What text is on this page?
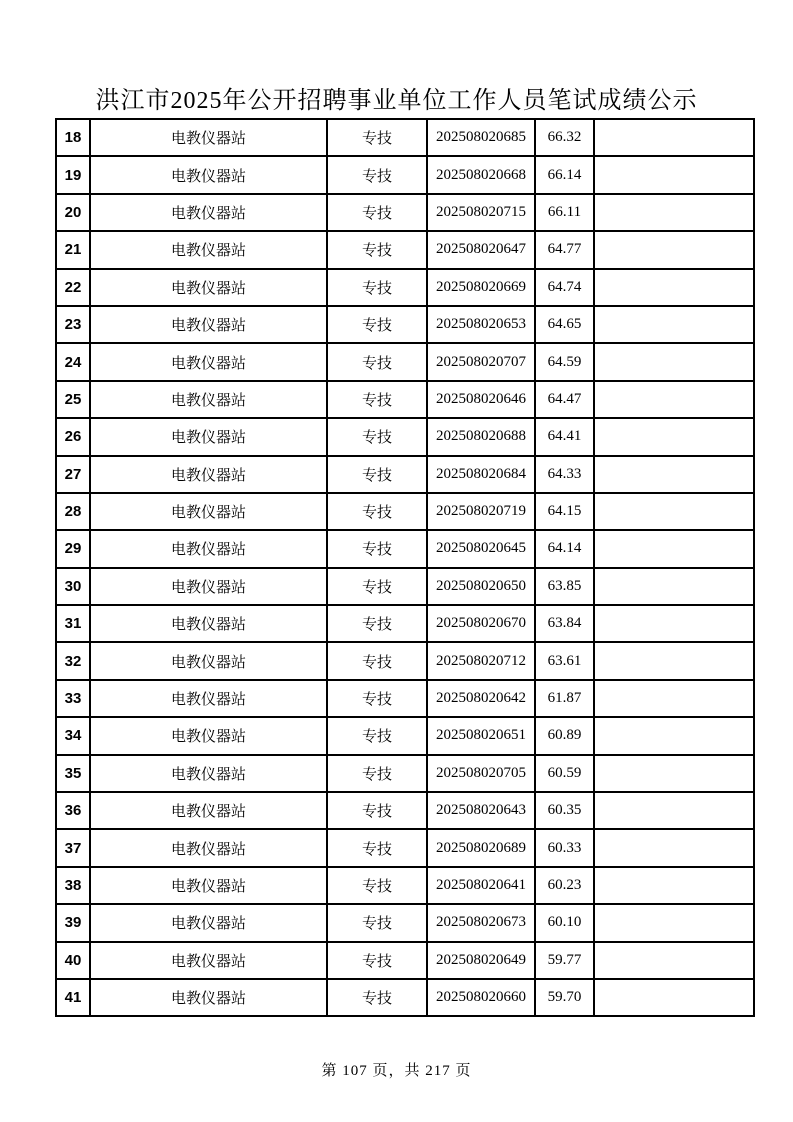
洪江市2025年公开招聘事业单位工作人员笔试成绩公示
18	电教仪器站	专技	202508020685	66.32	
19	电教仪器站	专技	202508020668	66.14	
20	电教仪器站	专技	202508020715	66.11	
21	电教仪器站	专技	202508020647	64.77	
22	电教仪器站	专技	202508020669	64.74	
23	电教仪器站	专技	202508020653	64.65	
24	电教仪器站	专技	202508020707	64.59	
25	电教仪器站	专技	202508020646	64.47	
26	电教仪器站	专技	202508020688	64.41	
27	电教仪器站	专技	202508020684	64.33	
28	电教仪器站	专技	202508020719	64.15	
29	电教仪器站	专技	202508020645	64.14	
30	电教仪器站	专技	202508020650	63.85	
31	电教仪器站	专技	202508020670	63.84	
32	电教仪器站	专技	202508020712	63.61	
33	电教仪器站	专技	202508020642	61.87	
34	电教仪器站	专技	202508020651	60.89	
35	电教仪器站	专技	202508020705	60.59	
36	电教仪器站	专技	202508020643	60.35	
37	电教仪器站	专技	202508020689	60.33	
38	电教仪器站	专技	202508020641	60.23	
39	电教仪器站	专技	202508020673	60.10	
40	电教仪器站	专技	202508020649	59.77	
41	电教仪器站	专技	202508020660	59.70	
第 107 页，共 217 页
